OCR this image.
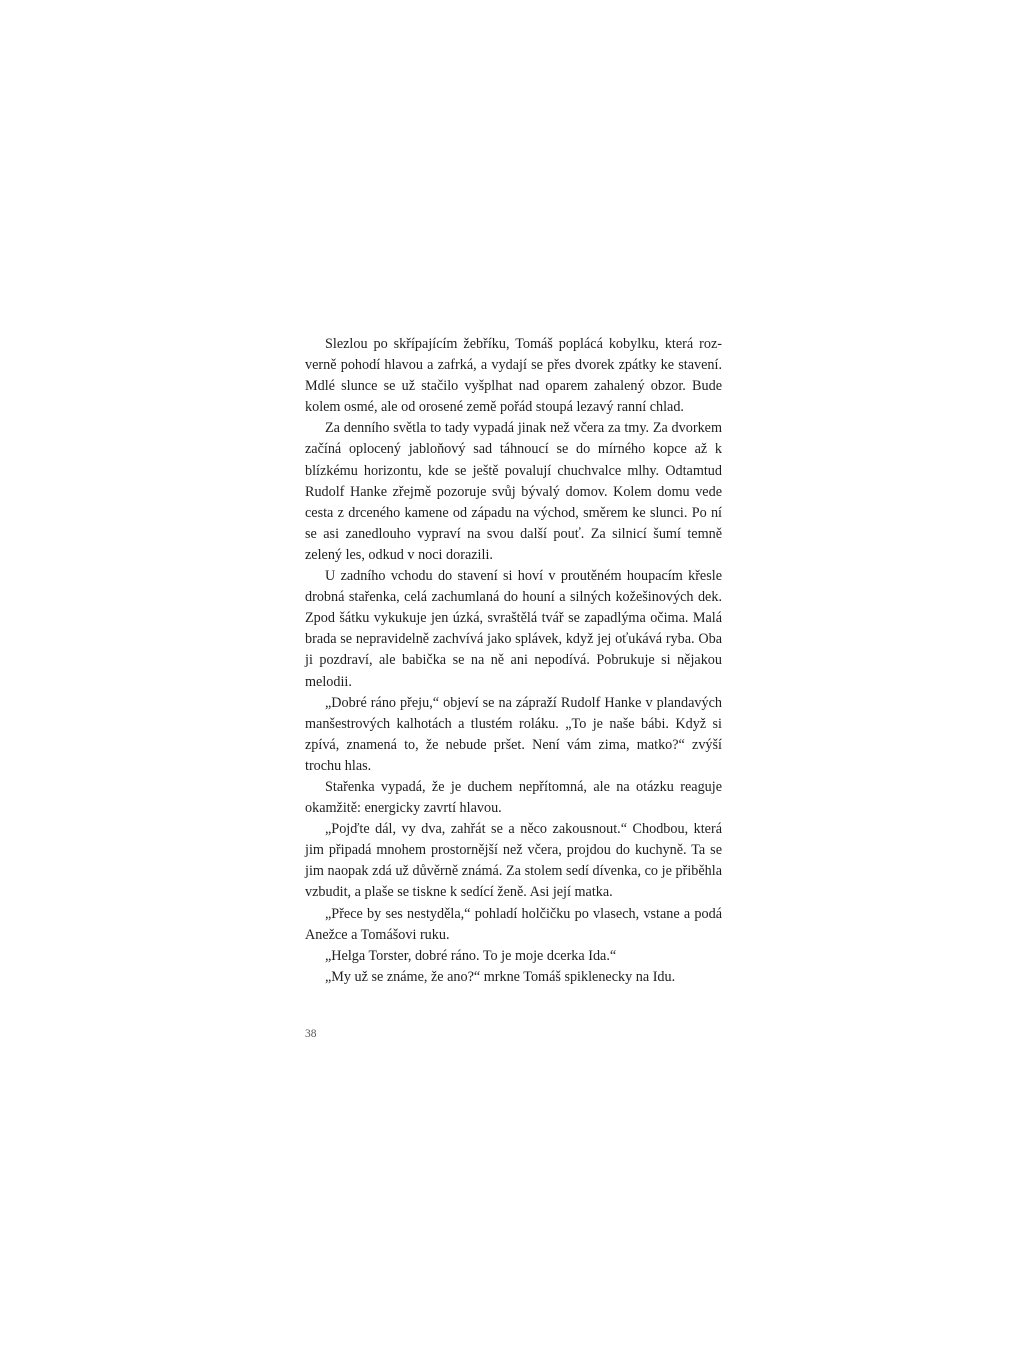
Slezlou po skřípajícím žebříku, Tomáš poplácá kobylku, která rozverně pohodí hlavou a zafrká, a vydají se přes dvorek zpátky ke stavení. Mdlé slunce se už stačilo vyšplhat nad oparem zahalený obzor. Bude kolem osmé, ale od orosené země pořád stoupá lezavý ranní chlad.

Za denního světla to tady vypadá jinak než včera za tmy. Za dvorkem začíná oplocený jabloňový sad táhnoucí se do mírného kopce až k blízkému horizontu, kde se ještě povalují chuchvalce mlhy. Odtamtud Rudolf Hanke zřejmě pozoruje svůj bývalý domov. Kolem domu vede cesta z drceného kamene od západu na východ, směrem ke slunci. Po ní se asi zanedlouho vypraví na svou další pouť. Za silnicí šumí temně zelený les, odkud v noci dorazili.

U zadního vchodu do stavení si hoví v proutěném houpacím křesle drobná stařenka, celá zachumlaná do houní a silných kožešinových dek. Zpod šátku vykukuje jen úzká, svraštělá tvář se zapadlýma očima. Malá brada se nepravidelně zachvívá jako splávek, když jej oťukává ryba. Oba ji pozdraví, ale babička se na ně ani nepodívá. Pobrukuje si nějakou melodii.

„Dobré ráno přeju,“ objeví se na zápraží Rudolf Hanke v plandavých manšestrových kalhotách a tlustém roláku. „To je naše bábi. Když si zpívá, znamená to, že nebude pršet. Není vám zima, matko?“ zvýší trochu hlas.

Stařenka vypadá, že je duchem nepřítomná, ale na otázku reaguje okamžitě: energicky zavrtí hlavou.

„Pojďte dál, vy dva, zahřát se a něco zakousnout.“ Chodbou, která jim připadá mnohem prostornější než včera, projdou do kuchyně. Ta se jim naopak zdá už důvěrně známá. Za stolem sedí dívenka, co je přiběhla vzbudit, a plaše se tiskne k sedící ženě. Asi její matka.

„Přece by ses nestyděla,“ pohladí holčičku po vlasech, vstane a podá Anežce a Tomášovi ruku.

„Helga Torster, dobré ráno. To je moje dcerka Ida.“

„My už se známe, že ano?“ mrkne Tomáš spiklenecky na Idu.

38
